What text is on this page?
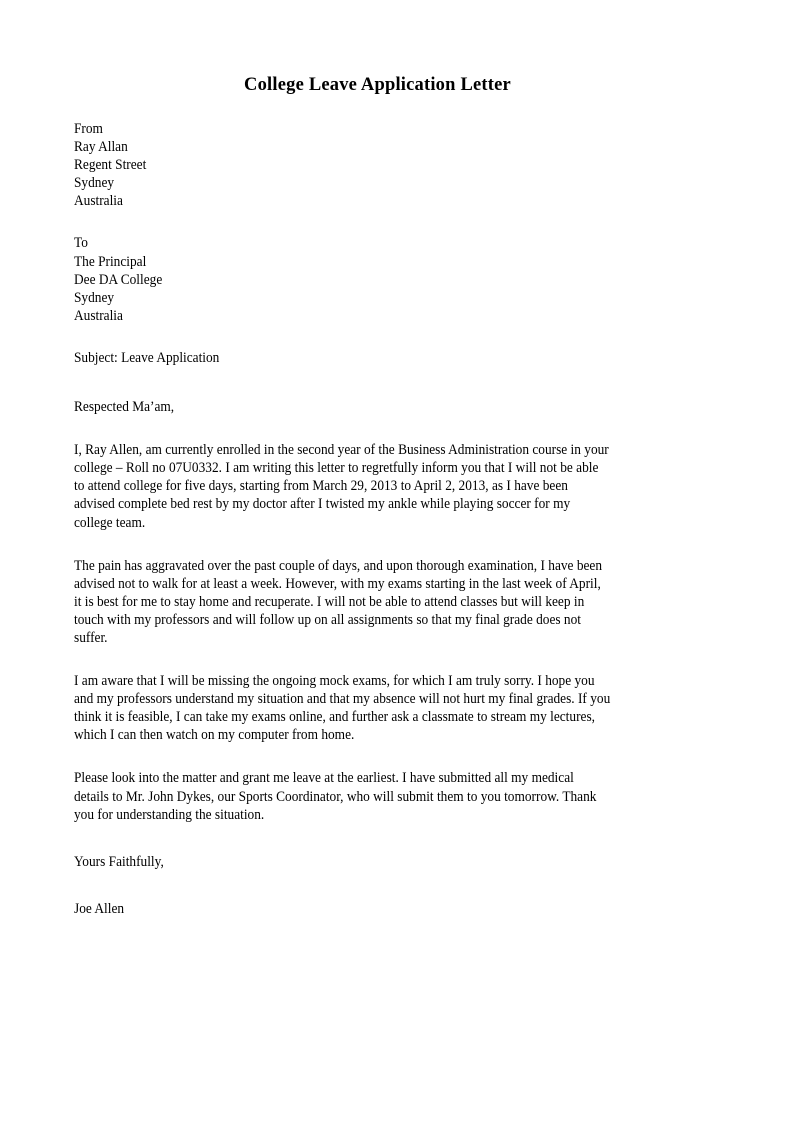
College Leave Application Letter
From
Ray Allan
Regent Street
Sydney
Australia
To
The Principal
Dee DA College
Sydney
Australia
Subject: Leave Application
Respected Ma’am,
I, Ray Allen, am currently enrolled in the second year of the Business Administration course in your
college – Roll no 07U0332. I am writing this letter to regretfully inform you that I will not be able
to attend college for five days, starting from March 29, 2013 to April 2, 2013, as I have been
advised complete bed rest by my doctor after I twisted my ankle while playing soccer for my
college team.
The pain has aggravated over the past couple of days, and upon thorough examination, I have been
advised not to walk for at least a week. However, with my exams starting in the last week of April,
it is best for me to stay home and recuperate. I will not be able to attend classes but will keep in
touch with my professors and will follow up on all assignments so that my final grade does not
suffer.
I am aware that I will be missing the ongoing mock exams, for which I am truly sorry. I hope you
and my professors understand my situation and that my absence will not hurt my final grades. If you
think it is feasible, I can take my exams online, and further ask a classmate to stream my lectures,
which I can then watch on my computer from home.
Please look into the matter and grant me leave at the earliest. I have submitted all my medical
details to Mr. John Dykes, our Sports Coordinator, who will submit them to you tomorrow. Thank
you for understanding the situation.
Yours Faithfully,
Joe Allen
